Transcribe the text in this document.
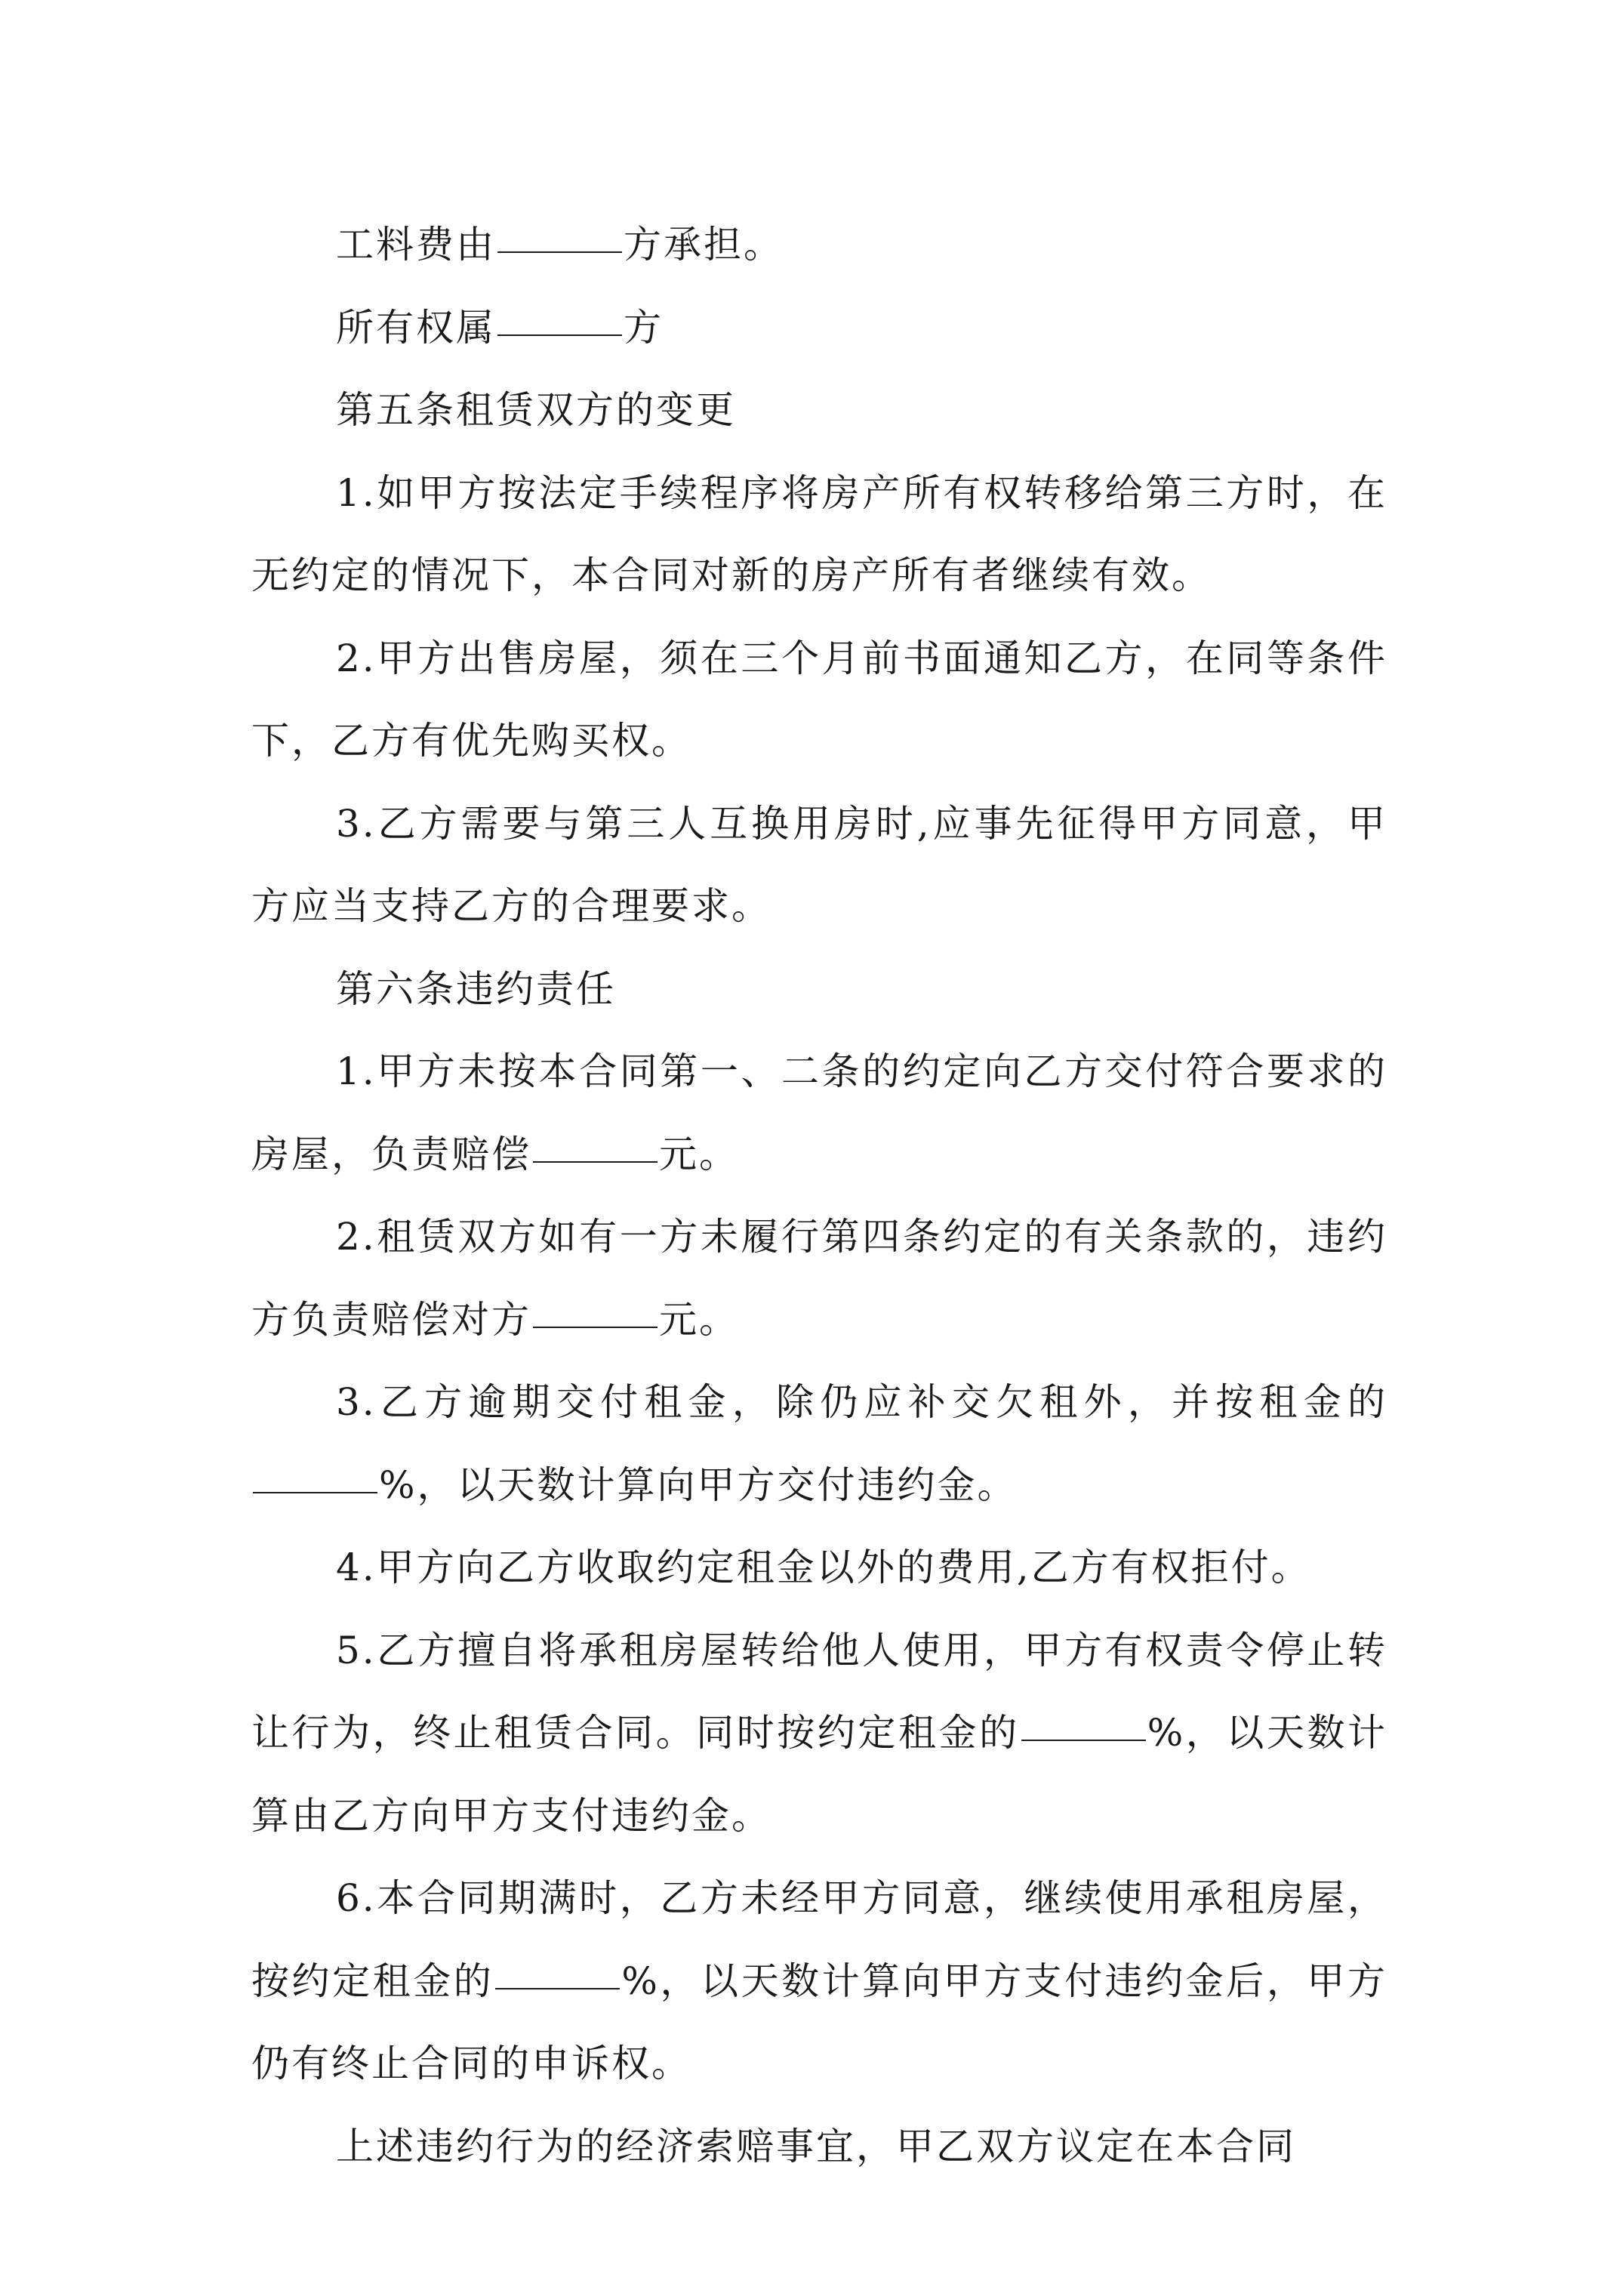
工料费由	方承担。

所有权属	方

第五条租赁双方的变更

1.如甲方按法定手续程序将房产所有权转移给第三方时，在无约定的情况下，本合同对新的房产所有者继续有效。

2.甲方出售房屋，须在三个月前书面通知乙方，在同等条件下，乙方有优先购买权。

3.乙方需要与第三人互换用房时,应事先征得甲方同意，甲方应当支持乙方的合理要求。

第六条违约责任

1.甲方未按本合同第一、二条的约定向乙方交付符合要求的房屋，负责赔偿	元。

2.租赁双方如有一方未履行第四条约定的有关条款的，违约方负责赔偿对方	元。

3.乙方逾期交付租金，除仍应补交欠租外，并按租金的%，以天数计算向甲方交付违约金。

4.甲方向乙方收取约定租金以外的费用,乙方有权拒付。

5.乙方擅自将承租房屋转给他人使用，甲方有权责令停止转让行为，终止租赁合同。同时按约定租金的	%，以天数计算由乙方向甲方支付违约金。

6.本合同期满时，乙方未经甲方同意，继续使用承租房屋，按约定租金的	%，以天数计算向甲方支付违约金后，甲方仍有终止合同的申诉权。

上述违约行为的经济索赔事宜，甲乙双方议定在本合同
